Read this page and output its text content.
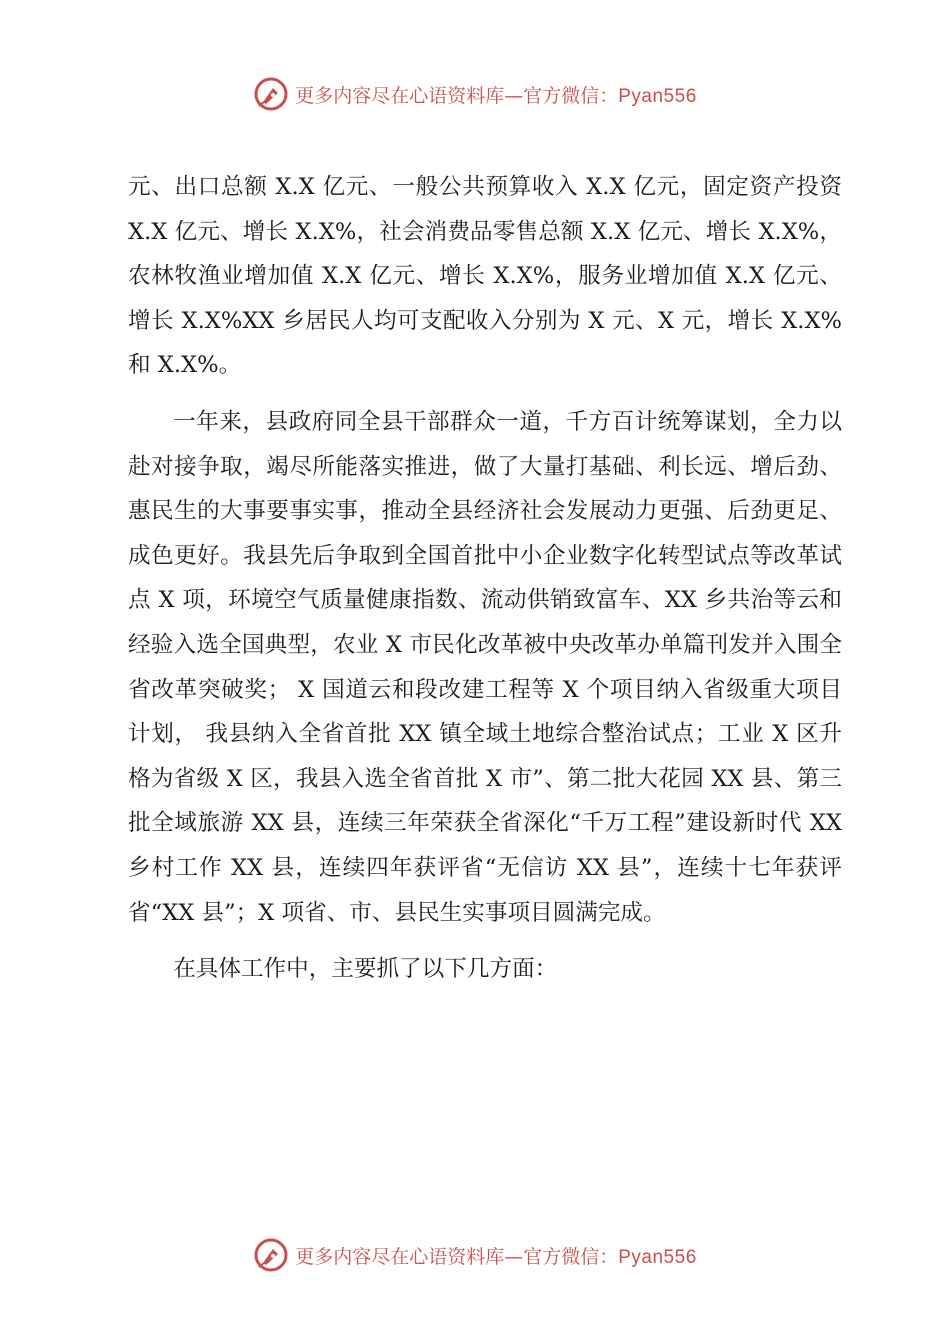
更多内容尽在心语资料库—官方微信：Pyan556

元、出口总额 X.X 亿元、一般公共预算收入 X.X 亿元，固定资产投资 X.X 亿元、增长 X.X%，社会消费品零售总额 X.X 亿元、增长 X.X%，农林牧渔业增加值 X.X 亿元、增长 X.X%，服务业增加值 X.X 亿元、增长 X.X%XX 乡居民人均可支配收入分别为 X 元、X 元，增长 X.X%和 X.X%。

一年来，县政府同全县干部群众一道，千方百计统筹谋划，全力以赴对接争取，竭尽所能落实推进，做了大量打基础、利长远、增后劲、惠民生的大事要事实事，推动全县经济社会发展动力更强、后劲更足、成色更好。我县先后争取到全国首批中小企业数字化转型试点等改革试点 X 项，环境空气质量健康指数、流动供销致富车、XX 乡共治等云和经验入选全国典型，农业 X 市民化改革被中央改革办单篇刊发并入围全省改革突破奖； X 国道云和段改建工程等 X 个项目纳入省级重大项目计划， 我县纳入全省首批 XX 镇全域土地综合整治试点；工业 X 区升格为省级 X 区，我县入选全省首批 X 市”、第二批大花园 XX 县、第三批全域旅游 XX 县，连续三年荣获全省深化“千万工程”建设新时代 XX 乡村工作 XX 县，连续四年获评省“无信访 XX 县”，连续十七年获评省“XX 县”；X 项省、市、县民生实事项目圆满完成。

在具体工作中，主要抓了以下几方面：

更多内容尽在心语资料库—官方微信：Pyan556
